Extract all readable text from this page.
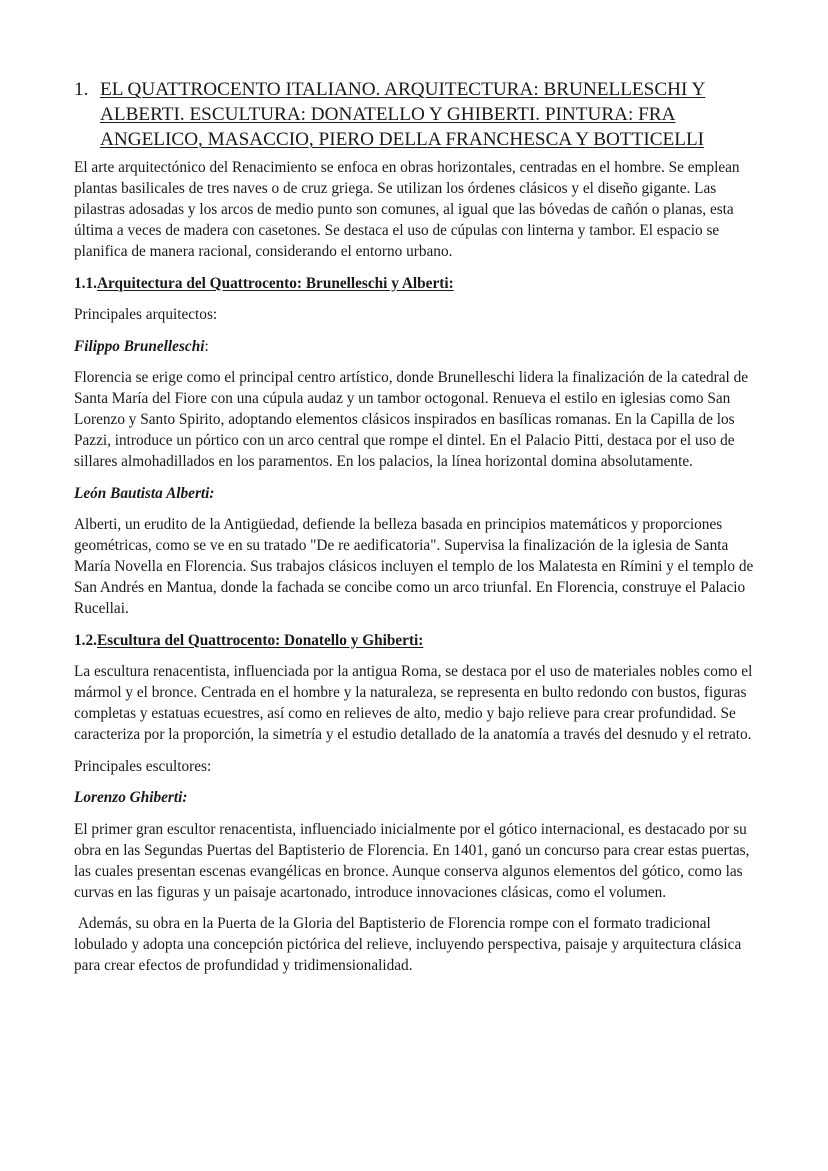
1. EL QUATTROCENTO ITALIANO. ARQUITECTURA: BRUNELLESCHI Y ALBERTI. ESCULTURA: DONATELLO Y GHIBERTI. PINTURA: FRA ANGELICO, MASACCIO, PIERO DELLA FRANCHESCA Y BOTTICELLI

El arte arquitectónico del Renacimiento se enfoca en obras horizontales, centradas en el hombre. Se emplean plantas basilicales de tres naves o de cruz griega. Se utilizan los órdenes clásicos y el diseño gigante. Las pilastras adosadas y los arcos de medio punto son comunes, al igual que las bóvedas de cañón o planas, esta última a veces de madera con casetones. Se destaca el uso de cúpulas con linterna y tambor. El espacio se planifica de manera racional, considerando el entorno urbano.

1.1.Arquitectura del Quattrocento: Brunelleschi y Alberti:

Principales arquitectos:

Filippo Brunelleschi:

Florencia se erige como el principal centro artístico, donde Brunelleschi lidera la finalización de la catedral de Santa María del Fiore con una cúpula audaz y un tambor octogonal. Renueva el estilo en iglesias como San Lorenzo y Santo Spirito, adoptando elementos clásicos inspirados en basílicas romanas. En la Capilla de los Pazzi, introduce un pórtico con un arco central que rompe el dintel. En el Palacio Pitti, destaca por el uso de sillares almohadillados en los paramentos. En los palacios, la línea horizontal domina absolutamente.

León Bautista Alberti:

Alberti, un erudito de la Antigüedad, defiende la belleza basada en principios matemáticos y proporciones geométricas, como se ve en su tratado "De re aedificatoria". Supervisa la finalización de la iglesia de Santa María Novella en Florencia. Sus trabajos clásicos incluyen el templo de los Malatesta en Rímini y el templo de San Andrés en Mantua, donde la fachada se concibe como un arco triunfal. En Florencia, construye el Palacio Rucellai.

1.2.Escultura del Quattrocento: Donatello y Ghiberti:

La escultura renacentista, influenciada por la antigua Roma, se destaca por el uso de materiales nobles como el mármol y el bronce. Centrada en el hombre y la naturaleza, se representa en bulto redondo con bustos, figuras completas y estatuas ecuestres, así como en relieves de alto, medio y bajo relieve para crear profundidad. Se caracteriza por la proporción, la simetría y el estudio detallado de la anatomía a través del desnudo y el retrato.

Principales escultores:

Lorenzo Ghiberti:

El primer gran escultor renacentista, influenciado inicialmente por el gótico internacional, es destacado por su obra en las Segundas Puertas del Baptisterio de Florencia. En 1401, ganó un concurso para crear estas puertas, las cuales presentan escenas evangélicas en bronce. Aunque conserva algunos elementos del gótico, como las curvas en las figuras y un paisaje acartonado, introduce innovaciones clásicas, como el volumen.

Además, su obra en la Puerta de la Gloria del Baptisterio de Florencia rompe con el formato tradicional lobulado y adopta una concepción pictórica del relieve, incluyendo perspectiva, paisaje y arquitectura clásica para crear efectos de profundidad y tridimensionalidad.
